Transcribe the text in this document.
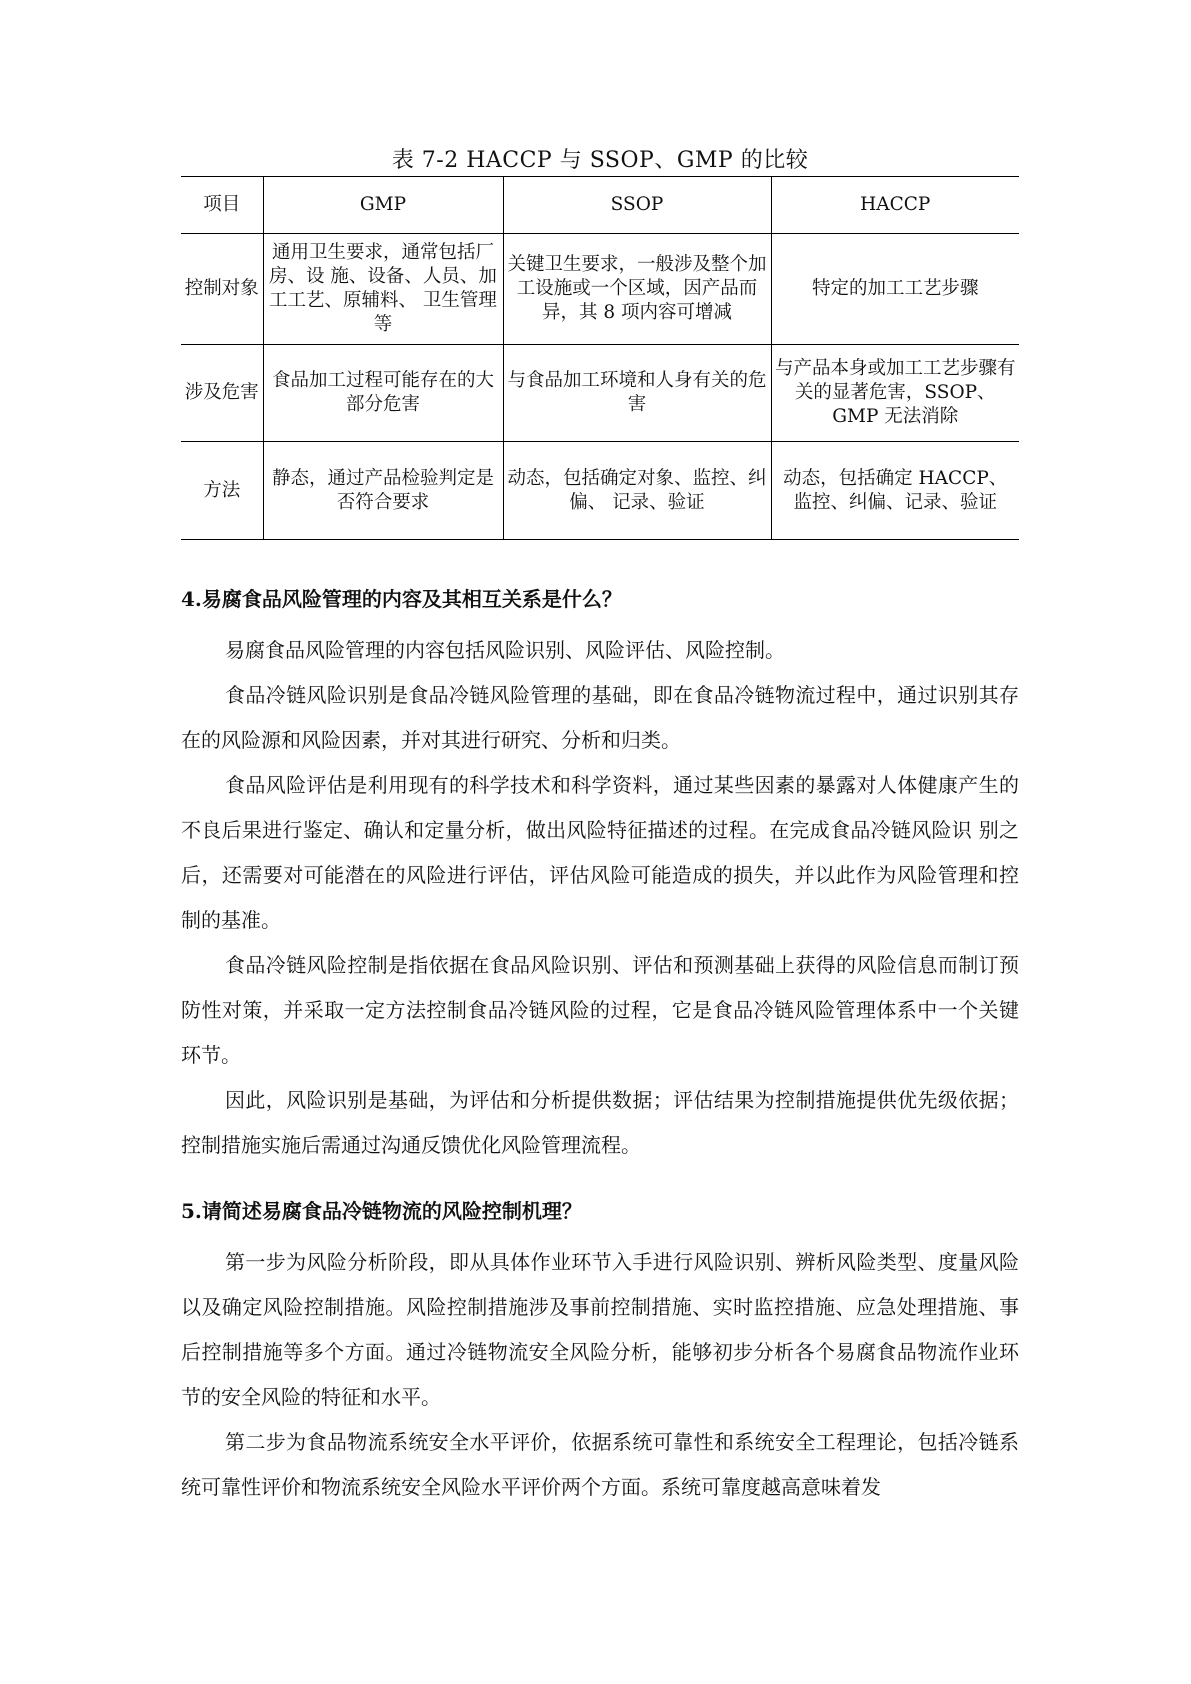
表 7-2 HACCP 与 SSOP、GMP 的比较
项目	GMP	SSOP	HACCP
控制对象	通用卫生要求，通常包括厂房、设 施、设备、人员、加工工艺、原辅料、 卫生管理等	关键卫生要求，一般涉及整个加 工设施或一个区域，因产品而异，其 8 项内容可增减	特定的加工工艺步骤
涉及危害	食品加工过程可能存在的大部分危害	与食品加工环境和人身有关的危害	与产品本身或加工工艺步骤有关的显著危害，SSOP、GMP 无法消除
方法	静态，通过产品检验判定是否符合要求	动态，包括确定对象、监控、纠偏、 记录、验证	动态，包括确定 HACCP、监控、纠偏、记录、验证
4.易腐食品风险管理的内容及其相互关系是什么？

易腐食品风险管理的内容包括风险识别、风险评估、风险控制。

食品冷链风险识别是食品冷链风险管理的基础，即在食品冷链物流过程中，通过识别其存在的风险源和风险因素，并对其进行研究、分析和归类。

食品风险评估是利用现有的科学技术和科学资料，通过某些因素的暴露对人体健康产生的不良后果进行鉴定、确认和定量分析，做出风险特征描述的过程。在完成食品冷链风险识 别之后，还需要对可能潜在的风险进行评估，评估风险可能造成的损失，并以此作为风险管理和控制的基准。

食品冷链风险控制是指依据在食品风险识别、评估和预测基础上获得的风险信息而制订预防性对策，并采取一定方法控制食品冷链风险的过程，它是食品冷链风险管理体系中一个关键环节。

因此，风险识别是基础，为评估和分析提供数据；评估结果为控制措施提供优先级依据；控制措施实施后需通过沟通反馈优化风险管理流程。

5.请简述易腐食品冷链物流的风险控制机理？

第一步为风险分析阶段，即从具体作业环节入手进行风险识别、辨析风险类型、度量风险以及确定风险控制措施。风险控制措施涉及事前控制措施、实时监控措施、应急处理措施、事后控制措施等多个方面。通过冷链物流安全风险分析，能够初步分析各个易腐食品物流作业环节的安全风险的特征和水平。

第二步为食品物流系统安全水平评价，依据系统可靠性和系统安全工程理论，包括冷链系统可靠性评价和物流系统安全风险水平评价两个方面。系统可靠度越高意味着发
